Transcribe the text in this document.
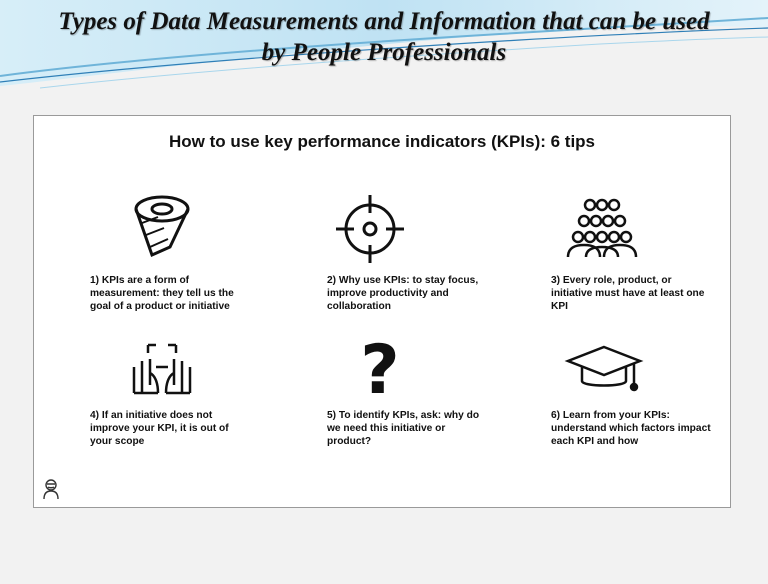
Types of Data Measurements and Information that can be used
by People Professionals
How to use key performance indicators (KPIs): 6 tips
1) KPIs are a form of measurement: they tell us the goal of a product or initiative
2) Why use KPIs: to stay focus, improve productivity and collaboration
3) Every role, product, or initiative must have at least one KPI
4) If an initiative does not improve your KPI, it is out of your scope
?
5) To identify KPIs, ask: why do we need this initiative or product?
6) Learn from your KPIs: understand which factors impact each KPI and how
